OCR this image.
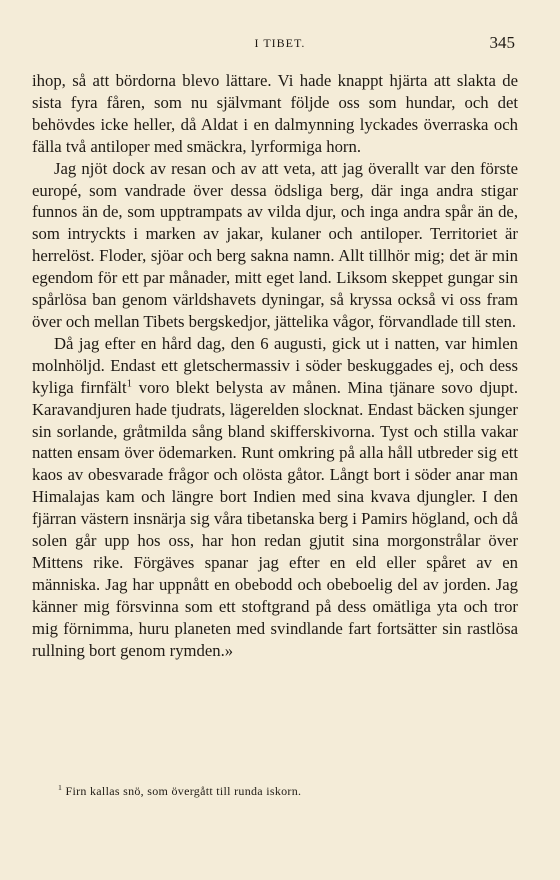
I TIBET.	345

ihop, så att bördorna blevo lättare. Vi hade knappt hjärta att slakta de sista fyra fåren, som nu självmant följde oss som hundar, och det behövdes icke heller, då Aldat i en dalmynning lyckades överraska och fälla två antiloper med smäckra, lyrformiga horn.

Jag njöt dock av resan och av att veta, att jag överallt var den förste europé, som vandrade över dessa ödsliga berg, där inga andra stigar funnos än de, som upptrampats av vilda djur, och inga andra spår än de, som intryckts i marken av jakar, kulaner och antiloper. Territoriet är herrelöst. Floder, sjöar och berg sakna namn. Allt tillhör mig; det är min egendom för ett par månader, mitt eget land. Liksom skeppet gungar sin spårlösa ban genom världshavets dyningar, så kryssa också vi oss fram över och mellan Tibets bergskedjor, jättelika vågor, förvandlade till sten.

Då jag efter en hård dag, den 6 augusti, gick ut i natten, var himlen molnhöljd. Endast ett gletschermassiv i söder beskuggades ej, och dess kyliga firnfält$^1$ voro blekt belysta av månen. Mina tjänare sovo djupt. Karavandjuren hade tjudrats, lägerelden slocknat. Endast bäcken sjunger sin sorlande, gråtmilda sång bland skifferskivorna. Tyst och stilla vakar natten ensam över ödemarken. Runt omkring på alla håll utbreder sig ett kaos av obesvarade frågor och olösta gåtor. Långt bort i söder anar man Himalajas kam och längre bort Indien med sina kvava djungler. I den fjärran västern insnärja sig våra tibetanska berg i Pamirs högland, och då solen går upp hos oss, har hon redan gjutit sina morgonstrålar över Mittens rike. Förgäves spanar jag efter en eld eller spåret av en människa. Jag har uppnått en obebodd och obeboelig del av jorden. Jag känner mig försvinna som ett stoftgrand på dess omätliga yta och tror mig förnimma, huru planeten med svindlande fart fortsätter sin rastlösa rullning bort genom rymden.»

$^1$ Firn kallas snö, som övergått till runda iskorn.
